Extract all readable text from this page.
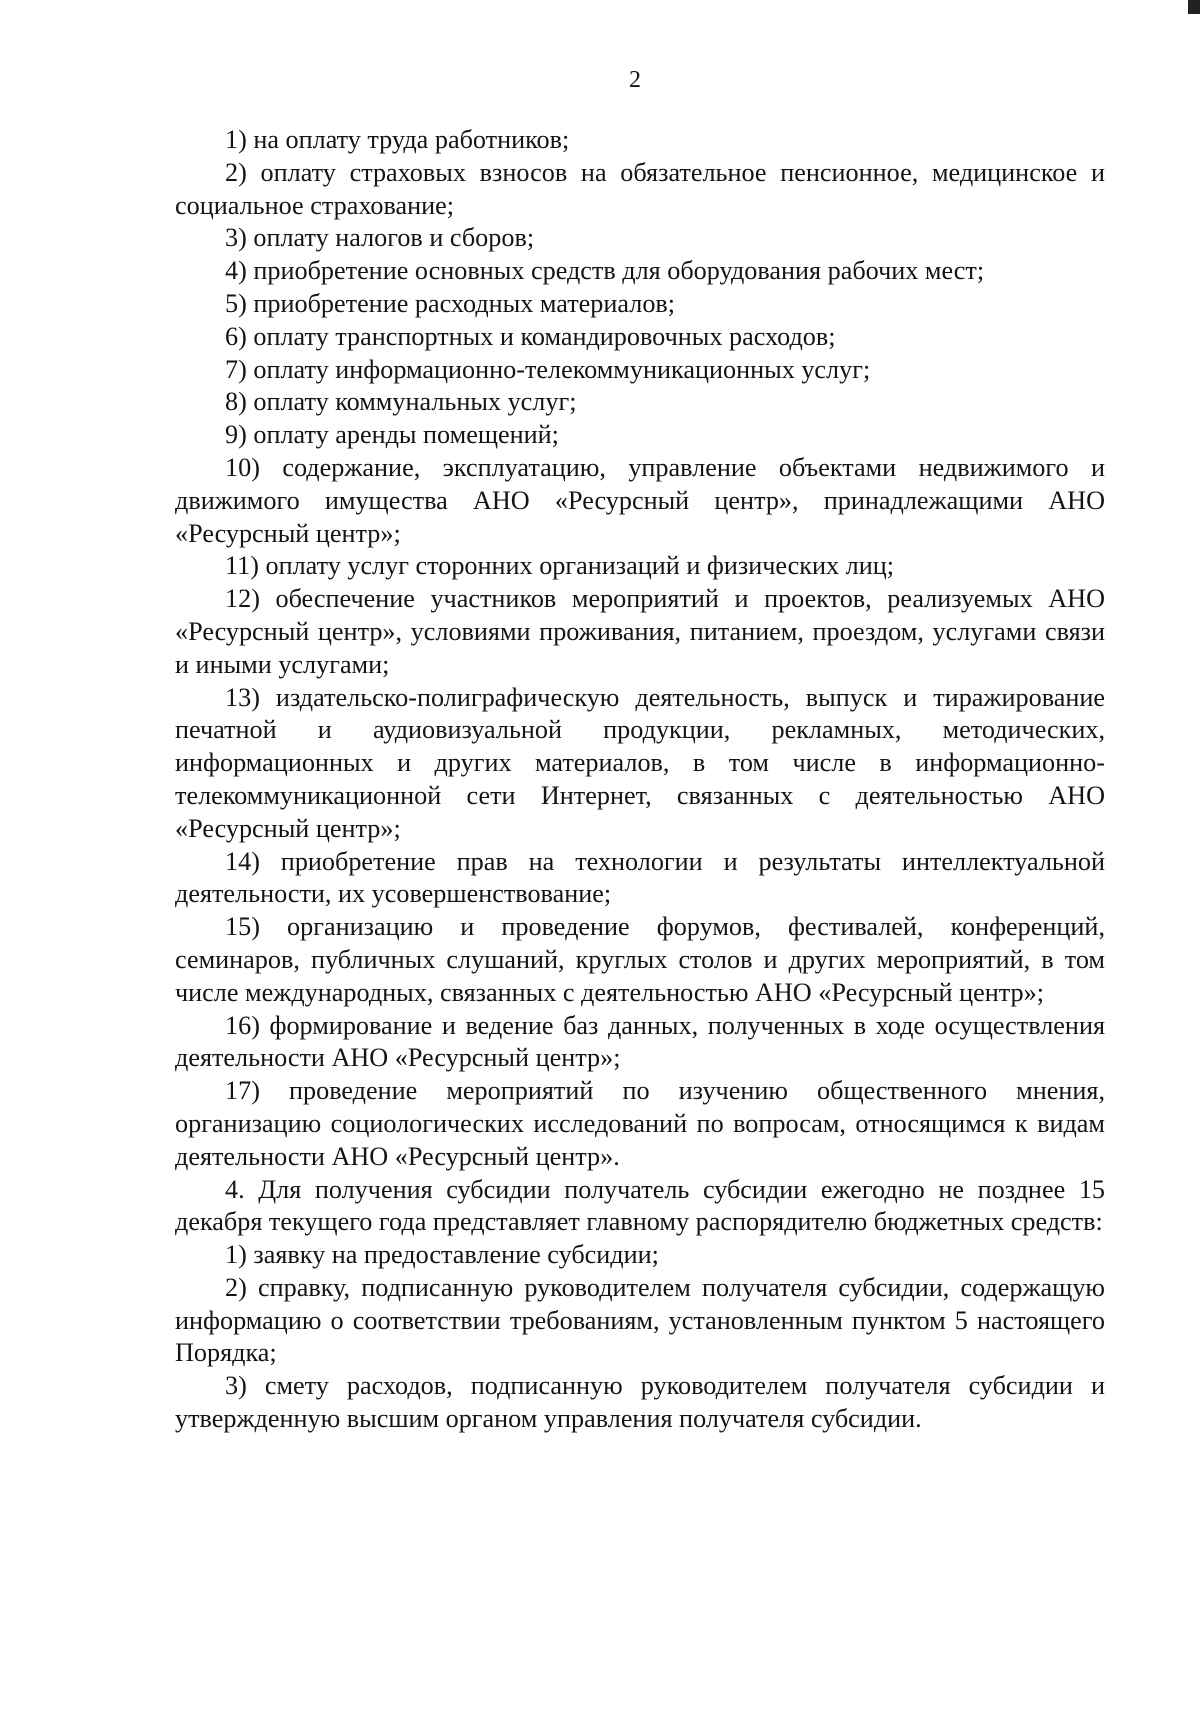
2

1) на оплату труда работников;

2) оплату страховых взносов на обязательное пенсионное, медицинское и социальное страхование;

3) оплату налогов и сборов;

4) приобретение основных средств для оборудования рабочих мест;

5) приобретение расходных материалов;

6) оплату транспортных и командировочных расходов;

7) оплату информационно-телекоммуникационных услуг;

8) оплату коммунальных услуг;

9) оплату аренды помещений;

10) содержание, эксплуатацию, управление объектами недвижимого и движимого имущества АНО «Ресурсный центр», принадлежащими АНО «Ресурсный центр»;

11) оплату услуг сторонних организаций и физических лиц;

12) обеспечение участников мероприятий и проектов, реализуемых АНО «Ресурсный центр», условиями проживания, питанием, проездом, услугами связи и иными услугами;

13) издательско-полиграфическую деятельность, выпуск и тиражирование печатной и аудиовизуальной продукции, рекламных, методических, информационных и других материалов, в том числе в информационно-телекоммуникационной сети Интернет, связанных с деятельностью АНО «Ресурсный центр»;

14) приобретение прав на технологии и результаты интеллектуальной деятельности, их усовершенствование;

15) организацию и проведение форумов, фестивалей, конференций, семинаров, публичных слушаний, круглых столов и других мероприятий, в том числе международных, связанных с деятельностью АНО «Ресурсный центр»;

16) формирование и ведение баз данных, полученных в ходе осуществления деятельности АНО «Ресурсный центр»;

17) проведение мероприятий по изучению общественного мнения, организацию социологических исследований по вопросам, относящимся к видам деятельности АНО «Ресурсный центр».

4. Для получения субсидии получатель субсидии ежегодно не позднее 15 декабря текущего года представляет главному распорядителю бюджетных средств:

1) заявку на предоставление субсидии;

2) справку, подписанную руководителем получателя субсидии, содержащую информацию о соответствии требованиям, установленным пунктом 5 настоящего Порядка;

3) смету расходов, подписанную руководителем получателя субсидии и утвержденную высшим органом управления получателя субсидии.
